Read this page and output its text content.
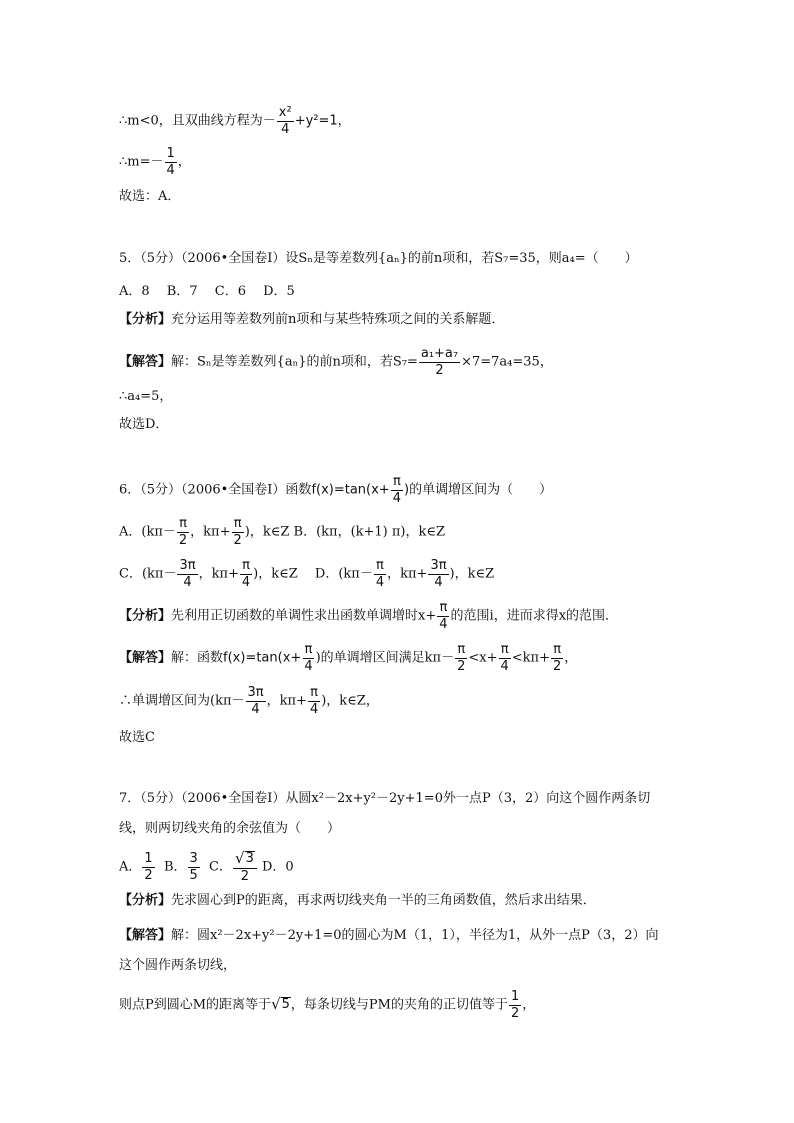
∴m<0，且双曲线方程为－ $\frac{\text{x²}}{4} +y^2=1$，
∴m=－ $\frac{1}{4}$ ，
故选：A．
5．（5分）（2006•全国卷Ⅰ）设Sₙ是等差数列{aₙ}的前n项和，若S₇=35，则a₄=（　　）
A．8　 B．7　 C．6　 D．5
【分析】充分运用等差数列前n项和与某些特殊项之间的关系解题．
【解答】解：Sₙ是等差数列{aₙ}的前n项和，若$S_7= \frac{\text{a₁+a₇}}{2} \times 7=7a_4=35$，
∴a₄=5，
故选D．
6．（5分）（2006•全国卷Ⅰ）函数$f(x)=\tan(x+ \frac{\pi}{4}$ )的单调增区间为（　　）
A．($k\pi- \frac{\pi}{2}$ ，$k\pi+ \frac{\pi}{2}$ )，k∈Z B．(kπ，(k+1) π)，k∈Z
C．($k\pi- \frac{3\pi}{4}$ ，$k\pi+ \frac{\pi}{4}$ )，k∈Z　 D．($k\pi- \frac{\pi}{4}$ ，$k\pi+ \frac{3\pi}{4}$ )，k∈Z
【分析】先利用正切函数的单调性求出函数单调增时$x+ \frac{\pi}{4}$ 的范围i，进而求得x的范围．
【解答】解：函数$f(x)=\tan(x+ \frac{\pi}{4}$ )的单调增区间满足$k\pi- \frac{\pi}{2} <x+ \frac{\pi}{4} <k\pi+ \frac{\pi}{2}$ ，
∴单调增区间为($k\pi- \frac{3\pi}{4}$ ，$k\pi+ \frac{\pi}{4}$ )，k∈Z，
故选C
7．（5分）（2006•全国卷Ⅰ）从圆x²－2x+y²－2y+1=0外一点P（3，2）向这个圆作两条切
线，则两切线夹角的余弦值为（　　）
A． $\frac{1}{2}$ B． $\frac{3}{5}$ C． $\frac{√ 3}{2}$ D．0
【分析】先求圆心到P的距离，再求两切线夹角一半的三角函数值，然后求出结果．
【解答】解：圆x²－2x+y²－2y+1=0的圆心为M（1，1），半径为1，从外一点P（3，2）向
这个圆作两条切线，
则点P到圆心M的距离等于 √ 5 ，每条切线与PM的夹角的正切值等于 $\frac{1}{2}$ ，
